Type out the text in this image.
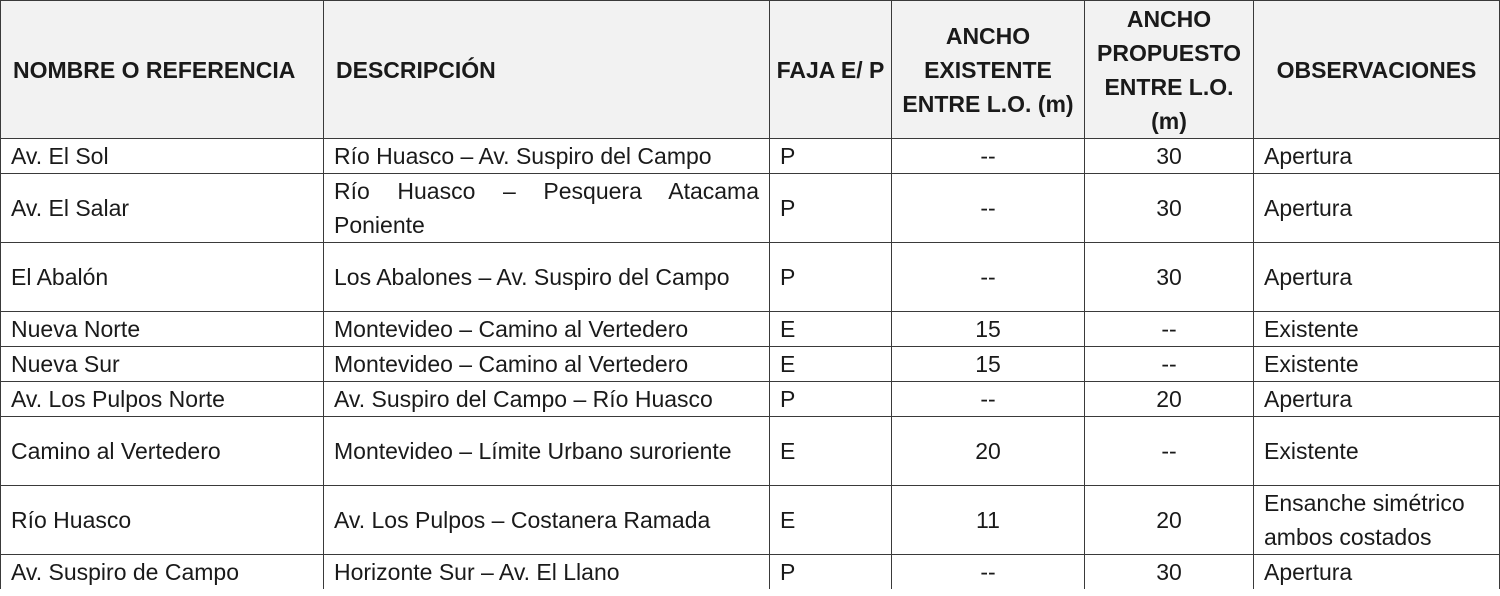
NOMBRE O REFERENCIA	DESCRIPCIÓN	FAJA E/ P	ANCHO EXISTENTE ENTRE L.O. (m)	ANCHO PROPUESTO ENTRE L.O. (m)	OBSERVACIONES
Av. El Sol	Río Huasco – Av. Suspiro del Campo	P	--	30	Apertura
Av. El Salar	Río Huasco – Pesquera Atacama Poniente	P	--	30	Apertura
El Abalón	Los Abalones – Av. Suspiro del Campo	P	--	30	Apertura
Nueva Norte	Montevideo – Camino al Vertedero	E	15	--	Existente
Nueva Sur	Montevideo – Camino al Vertedero	E	15	--	Existente
Av. Los Pulpos Norte	Av. Suspiro del Campo – Río Huasco	P	--	20	Apertura
Camino al Vertedero	Montevideo – Límite Urbano suroriente	E	20	--	Existente
Río Huasco	Av. Los Pulpos – Costanera Ramada	E	11	20	Ensanche simétrico ambos costados
Av. Suspiro de Campo	Horizonte Sur – Av. El Llano	P	--	30	Apertura
